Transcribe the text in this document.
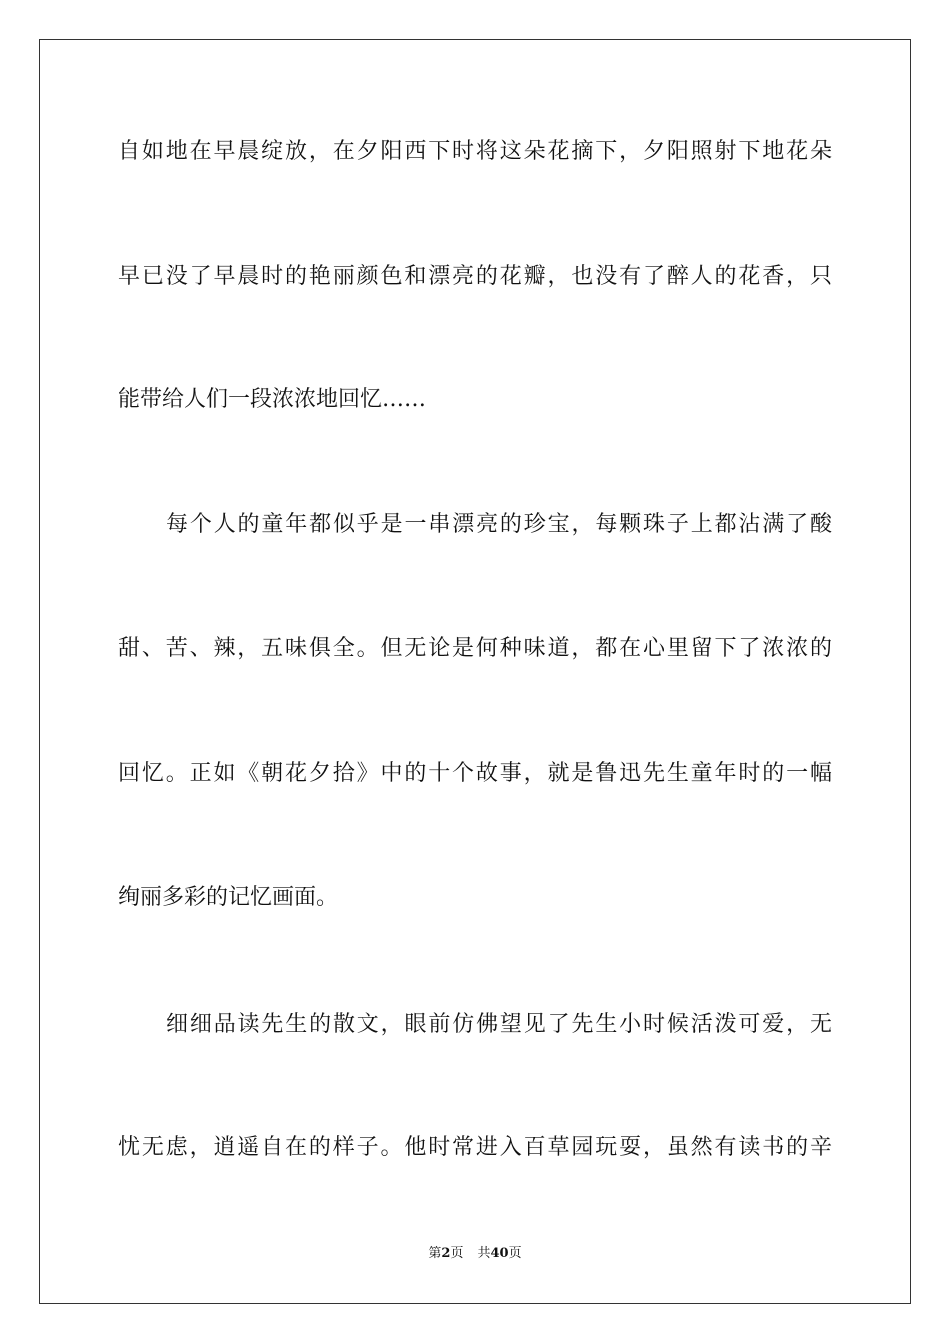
自如地在早晨绽放，在夕阳西下时将这朵花摘下，夕阳照射下地花朵
早已没了早晨时的艳丽颜色和漂亮的花瓣，也没有了醉人的花香，只
能带给人们一段浓浓地回忆……
每个人的童年都似乎是一串漂亮的珍宝，每颗珠子上都沾满了酸
甜、苦、辣，五味俱全。但无论是何种味道，都在心里留下了浓浓的
回忆。正如《朝花夕拾》中的十个故事，就是鲁迅先生童年时的一幅
绚丽多彩的记忆画面。
细细品读先生的散文，眼前仿佛望见了先生小时候活泼可爱，无
忧无虑，逍遥自在的样子。他时常进入百草园玩耍，虽然有读书的辛
第2页 共40页
